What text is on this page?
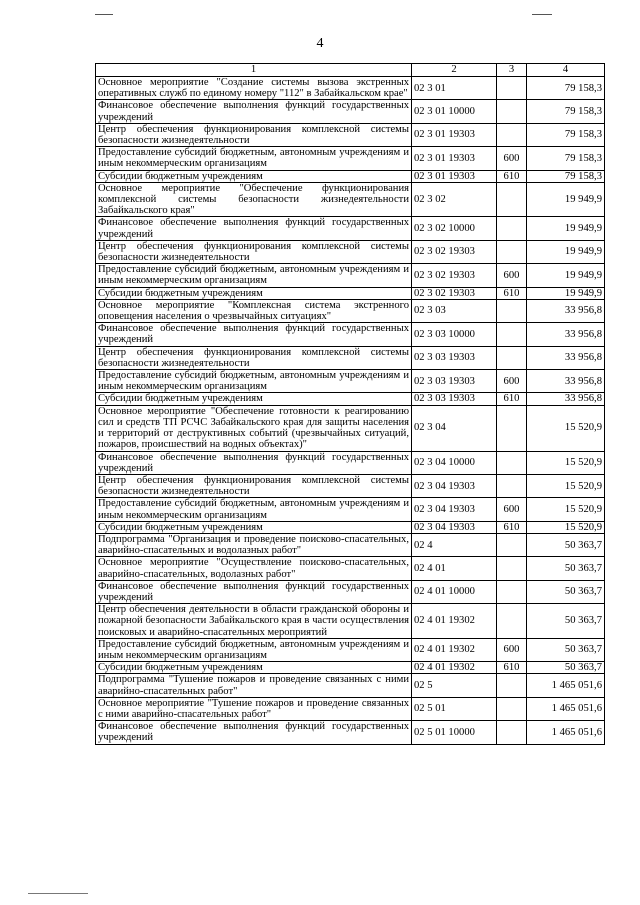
4
1	2	3	4
Основное мероприятие "Создание системы вызова экстренных оперативных служб по единому номеру "112" в Забайкальском крае"	02 3 01		79 158,3
Финансовое обеспечение выполнения функций государственных учреждений	02 3 01 10000		79 158,3
Центр обеспечения функционирования комплексной системы безопасности жизнедеятельности	02 3 01 19303		79 158,3
Предоставление субсидий бюджетным, автономным учреждениям и иным некоммерческим организациям	02 3 01 19303	600	79 158,3
Субсидии бюджетным учреждениям	02 3 01 19303	610	79 158,3
Основное мероприятие "Обеспечение функционирования комплексной системы безопасности жизнедеятельности Забайкальского края"	02 3 02		19 949,9
Финансовое обеспечение выполнения функций государственных учреждений	02 3 02 10000		19 949,9
Центр обеспечения функционирования комплексной системы безопасности жизнедеятельности	02 3 02 19303		19 949,9
Предоставление субсидий бюджетным, автономным учреждениям и иным некоммерческим организациям	02 3 02 19303	600	19 949,9
Субсидии бюджетным учреждениям	02 3 02 19303	610	19 949,9
Основное мероприятие "Комплексная система экстренного оповещения населения о чрезвычайных ситуациях"	02 3 03		33 956,8
Финансовое обеспечение выполнения функций государственных учреждений	02 3 03 10000		33 956,8
Центр обеспечения функционирования комплексной системы безопасности жизнедеятельности	02 3 03 19303		33 956,8
Предоставление субсидий бюджетным, автономным учреждениям и иным некоммерческим организациям	02 3 03 19303	600	33 956,8
Субсидии бюджетным учреждениям	02 3 03 19303	610	33 956,8
Основное мероприятие "Обеспечение готовности к реагированию сил и средств ТП РСЧС Забайкальского края для защиты населения и территорий от деструктивных событий (чрезвычайных ситуаций, пожаров, происшествий на водных объектах)"	02 3 04		15 520,9
Финансовое обеспечение выполнения функций государственных учреждений	02 3 04 10000		15 520,9
Центр обеспечения функционирования комплексной системы безопасности жизнедеятельности	02 3 04 19303		15 520,9
Предоставление субсидий бюджетным, автономным учреждениям и иным некоммерческим организациям	02 3 04 19303	600	15 520,9
Субсидии бюджетным учреждениям	02 3 04 19303	610	15 520,9
Подпрограмма "Организация и проведение поисково-спасательных, аварийно-спасательных и водолазных работ"	02 4		50 363,7
Основное мероприятие "Осуществление поисково-спасательных, аварийно-спасательных, водолазных работ"	02 4 01		50 363,7
Финансовое обеспечение выполнения функций государственных учреждений	02 4 01 10000		50 363,7
Центр обеспечения деятельности в области гражданской обороны и пожарной безопасности Забайкальского края в части осуществления поисковых и аварийно-спасательных мероприятий	02 4 01 19302		50 363,7
Предоставление субсидий бюджетным, автономным учреждениям и иным некоммерческим организациям	02 4 01 19302	600	50 363,7
Субсидии бюджетным учреждениям	02 4 01 19302	610	50 363,7
Подпрограмма "Тушение пожаров и проведение связанных с ними аварийно-спасательных работ"	02 5		1 465 051,6
Основное мероприятие "Тушение пожаров и проведение связанных с ними аварийно-спасательных работ"	02 5 01		1 465 051,6
Финансовое обеспечение выполнения функций государственных учреждений	02 5 01 10000		1 465 051,6
